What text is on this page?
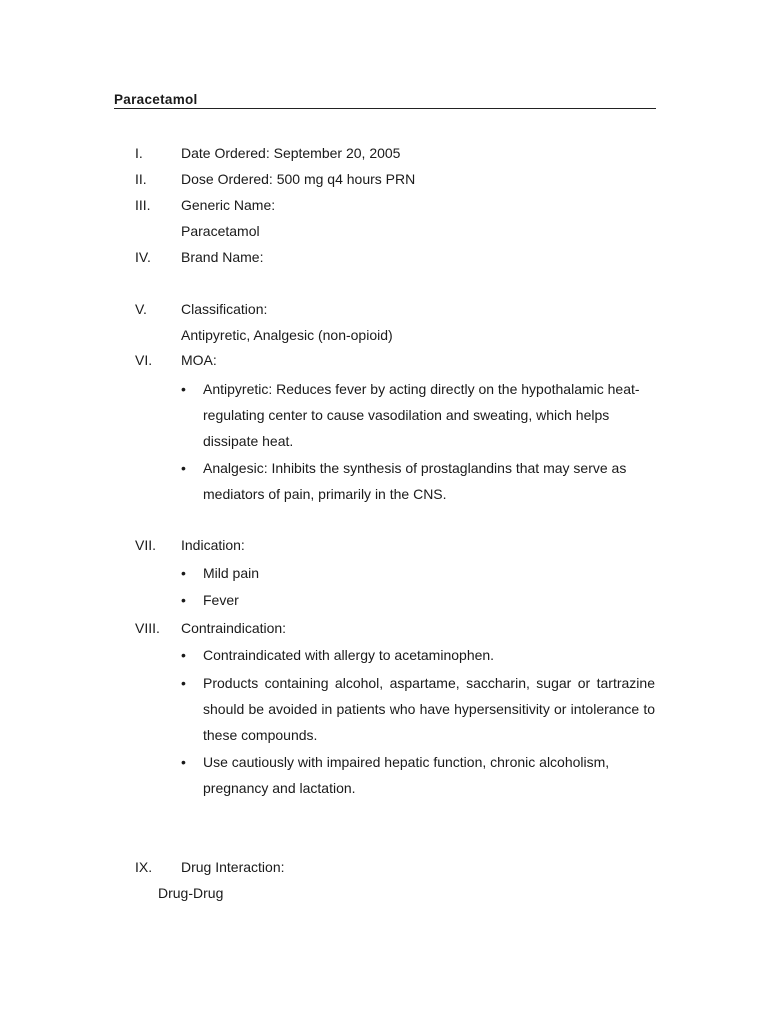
Paracetamol
I.	Date Ordered: September 20, 2005
II. Dose Ordered: 500 mg q4 hours PRN
III. Generic Name:
Paracetamol
IV. Brand Name:
V. Classification:
Antipyretic, Analgesic (non-opioid)
VI. MOA:
• Antipyretic: Reduces fever by acting directly on the hypothalamic heat-regulating center to cause vasodilation and sweating, which helps dissipate heat.
• Analgesic: Inhibits the synthesis of prostaglandins that may serve as mediators of pain, primarily in the CNS.
VII. Indication:
• Mild pain
• Fever
VIII. Contraindication:
• Contraindicated with allergy to acetaminophen.
• Products containing alcohol, aspartame, saccharin, sugar or tartrazine should be avoided in patients who have hypersensitivity or intolerance to these compounds.
• Use cautiously with impaired hepatic function, chronic alcoholism, pregnancy and lactation.
IX. Drug Interaction:
Drug-Drug
